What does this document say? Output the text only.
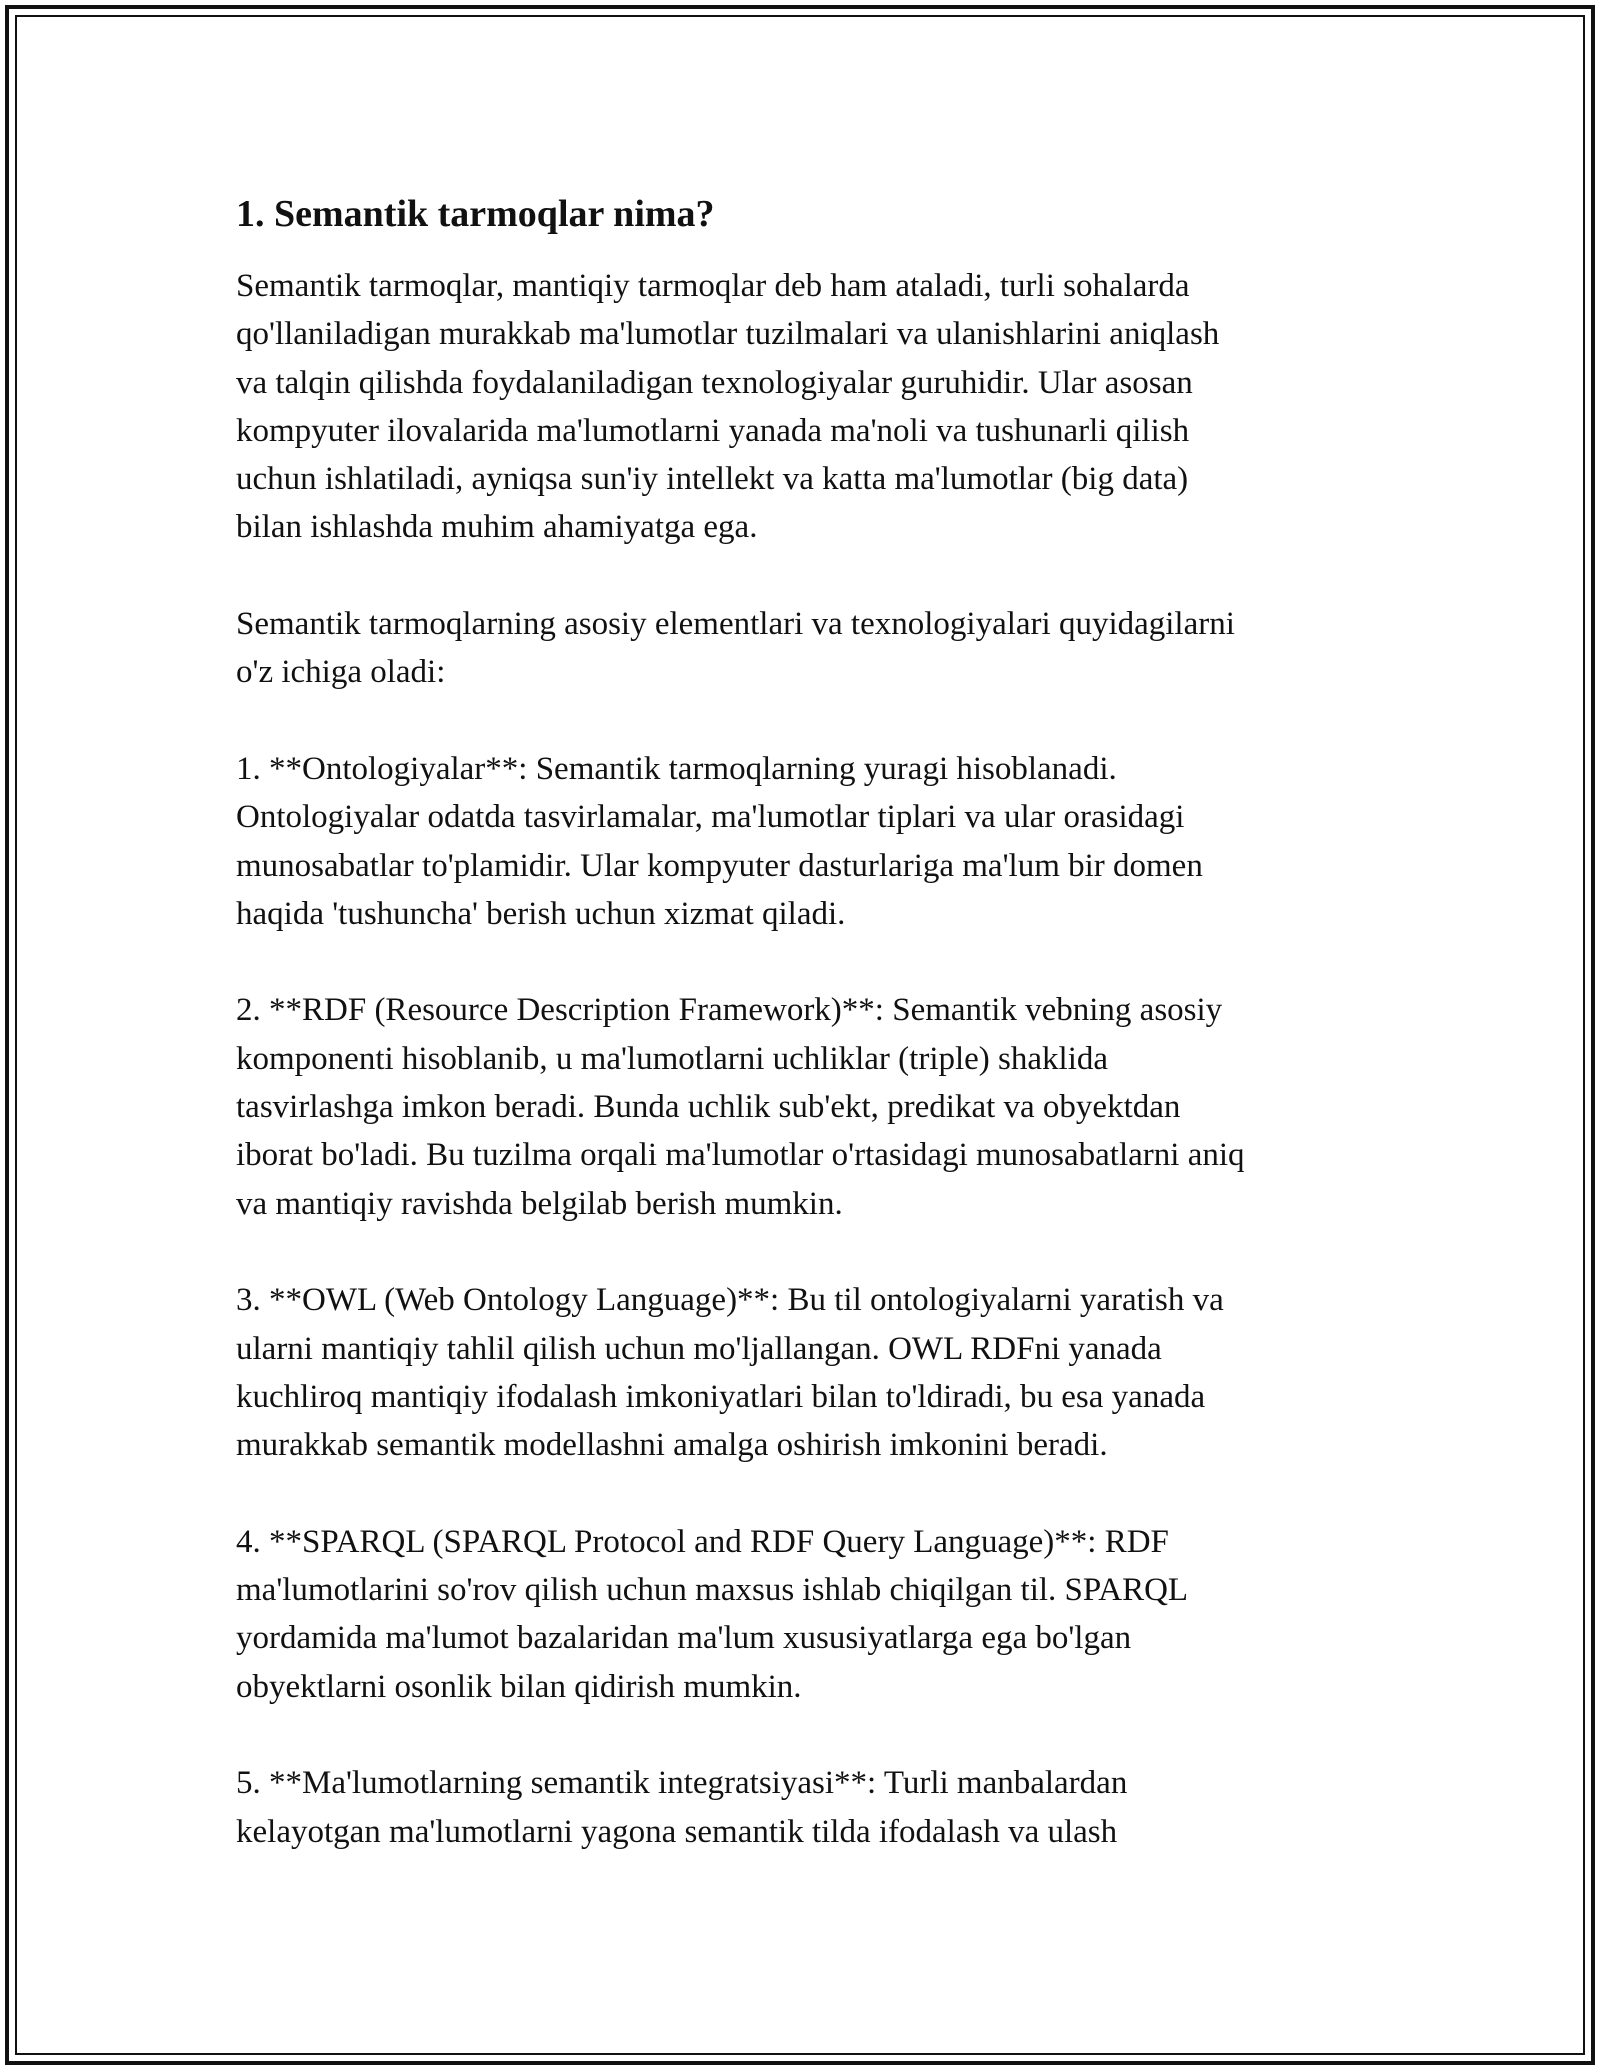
1. Semantik tarmoqlar nima?

Semantik tarmoqlar, mantiqiy tarmoqlar deb ham ataladi, turli sohalarda
qo'llaniladigan murakkab ma'lumotlar tuzilmalari va ulanishlarini aniqlash
va talqin qilishda foydalaniladigan texnologiyalar guruhidir. Ular asosan
kompyuter ilovalarida ma'lumotlarni yanada ma'noli va tushunarli qilish
uchun ishlatiladi, ayniqsa sun'iy intellekt va katta ma'lumotlar (big data)
bilan ishlashda muhim ahamiyatga ega.

Semantik tarmoqlarning asosiy elementlari va texnologiyalari quyidagilarni
o'z ichiga oladi:

1. **Ontologiyalar**: Semantik tarmoqlarning yuragi hisoblanadi.
Ontologiyalar odatda tasvirlamalar, ma'lumotlar tiplari va ular orasidagi
munosabatlar to'plamidir. Ular kompyuter dasturlariga ma'lum bir domen
haqida 'tushuncha' berish uchun xizmat qiladi.

2. **RDF (Resource Description Framework)**: Semantik vebning asosiy
komponenti hisoblanib, u ma'lumotlarni uchliklar (triple) shaklida
tasvirlashga imkon beradi. Bunda uchlik sub'ekt, predikat va obyektdan
iborat bo'ladi. Bu tuzilma orqali ma'lumotlar o'rtasidagi munosabatlarni aniq
va mantiqiy ravishda belgilab berish mumkin.

3. **OWL (Web Ontology Language)**: Bu til ontologiyalarni yaratish va
ularni mantiqiy tahlil qilish uchun mo'ljallangan. OWL RDFni yanada
kuchliroq mantiqiy ifodalash imkoniyatlari bilan to'ldiradi, bu esa yanada
murakkab semantik modellashni amalga oshirish imkonini beradi.

4. **SPARQL (SPARQL Protocol and RDF Query Language)**: RDF
ma'lumotlarini so'rov qilish uchun maxsus ishlab chiqilgan til. SPARQL
yordamida ma'lumot bazalaridan ma'lum xususiyatlarga ega bo'lgan
obyektlarni osonlik bilan qidirish mumkin.

5. **Ma'lumotlarning semantik integratsiyasi**: Turli manbalardan
kelayotgan ma'lumotlarni yagona semantik tilda ifodalash va ulash
